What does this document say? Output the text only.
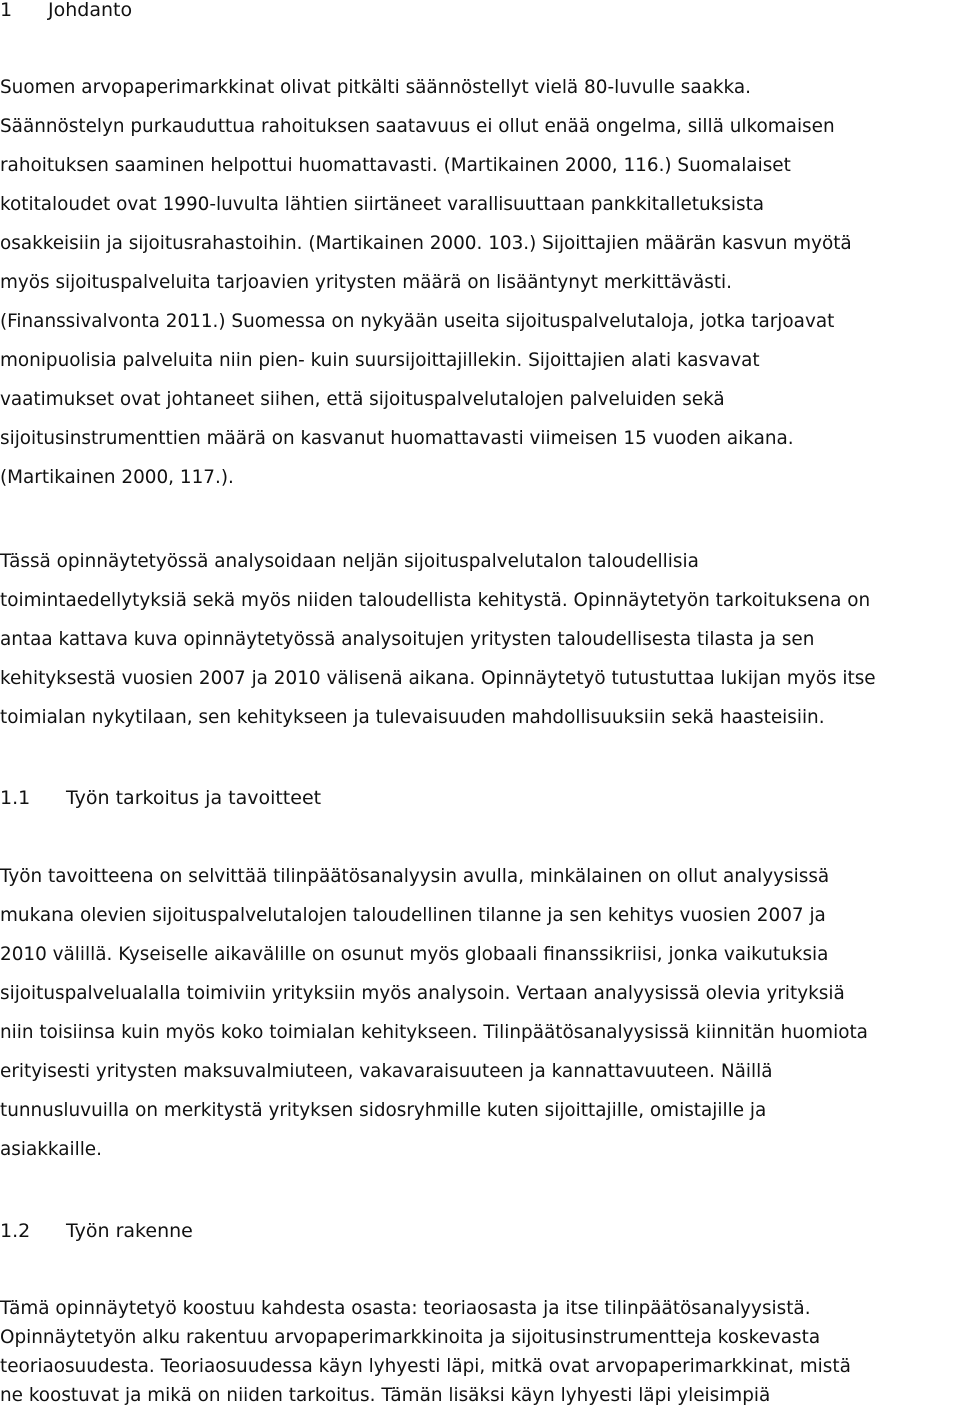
1 Johdanto
Suomen arvopaperimarkkinat olivat pitkälti säännöstellyt vielä 80-luvulle saakka.
Säännöstelyn purkauduttua rahoituksen saatavuus ei ollut enää ongelma, sillä ulkomaisen
rahoituksen saaminen helpottui huomattavasti. (Martikainen 2000, 116.) Suomalaiset
kotitaloudet ovat 1990-luvulta lähtien siirtäneet varallisuuttaan pankkitalletuksista
osakkeisiin ja sijoitusrahastoihin. (Martikainen 2000. 103.) Sijoittajien määrän kasvun myötä
myös sijoituspalveluita tarjoavien yritysten määrä on lisääntynyt merkittävästi.
(Finanssivalvonta 2011.) Suomessa on nykyään useita sijoituspalvelutaloja, jotka tarjoavat
monipuolisia palveluita niin pien- kuin suursijoittajillekin. Sijoittajien alati kasvavat
vaatimukset ovat johtaneet siihen, että sijoituspalvelutalojen palveluiden sekä
sijoitusinstrumenttien määrä on kasvanut huomattavasti viimeisen 15 vuoden aikana.
(Martikainen 2000, 117.).
Tässä opinnäytetyössä analysoidaan neljän sijoituspalvelutalon taloudellisia
toimintaedellytyksiä sekä myös niiden taloudellista kehitystä. Opinnäytetyön tarkoituksena on
antaa kattava kuva opinnäytetyössä analysoitujen yritysten taloudellisesta tilasta ja sen
kehityksestä vuosien 2007 ja 2010 välisenä aikana. Opinnäytetyö tutustuttaa lukijan myös itse
toimialan nykytilaan, sen kehitykseen ja tulevaisuuden mahdollisuuksiin sekä haasteisiin.
1.1 Työn tarkoitus ja tavoitteet
Työn tavoitteena on selvittää tilinpäätösanalyysin avulla, minkälainen on ollut analyysissä
mukana olevien sijoituspalvelutalojen taloudellinen tilanne ja sen kehitys vuosien 2007 ja
2010 välillä. Kyseiselle aikavälille on osunut myös globaali finanssikriisi, jonka vaikutuksia
sijoituspalvelualalla toimiviin yrityksiin myös analysoin. Vertaan analyysissä olevia yrityksiä
niin toisiinsa kuin myös koko toimialan kehitykseen. Tilinpäätösanalyysissä kiinnitän huomiota
erityisesti yritysten maksuvalmiuteen, vakavaraisuuteen ja kannattavuuteen. Näillä
tunnusluvuilla on merkitystä yrityksen sidosryhmille kuten sijoittajille, omistajille ja
asiakkaille.
1.2 Työn rakenne
Tämä opinnäytetyö koostuu kahdesta osasta: teoriaosasta ja itse tilinpäätösanalyysistä.
Opinnäytetyön alku rakentuu arvopaperimarkkinoita ja sijoitusinstrumentteja koskevasta
teoriaosuudesta. Teoriaosuudessa käyn lyhyesti läpi, mitkä ovat arvopaperimarkkinat, mistä
ne koostuvat ja mikä on niiden tarkoitus. Tämän lisäksi käyn lyhyesti läpi yleisimpiä
